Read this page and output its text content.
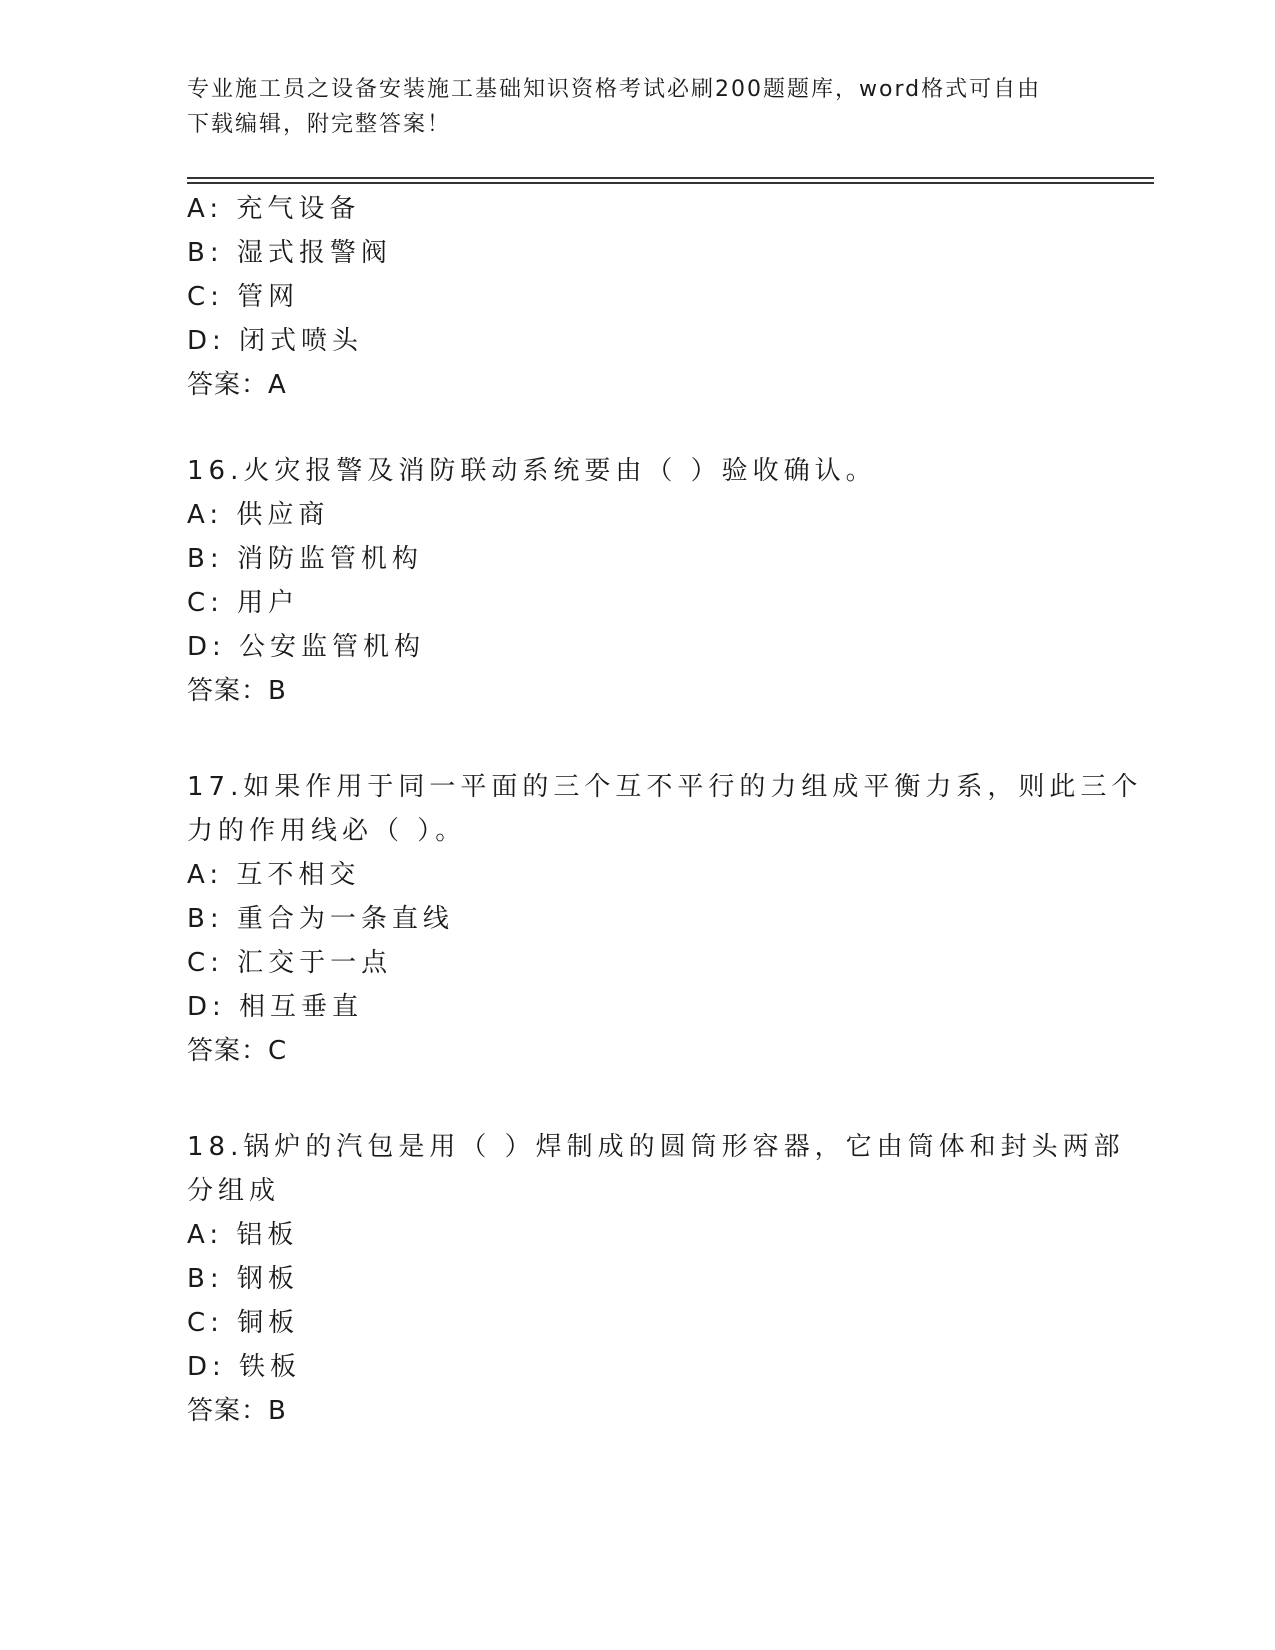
专业施工员之设备安装施工基础知识资格考试必刷200题题库，word格式可自由
下载编辑，附完整答案！
A: 充气设备
B: 湿式报警阀
C: 管网
D: 闭式喷头
答案：A
16.火灾报警及消防联动系统要由（ ）验收确认。
A: 供应商
B: 消防监管机构
C: 用户
D: 公安监管机构
答案：B
17.如果作用于同一平面的三个互不平行的力组成平衡力系，则此三个
力的作用线必（ ）。
A: 互不相交
B: 重合为一条直线
C: 汇交于一点
D: 相互垂直
答案：C
18.锅炉的汽包是用（ ）焊制成的圆筒形容器，它由筒体和封头两部
分组成
A: 铝板
B: 钢板
C: 铜板
D: 铁板
答案：B
